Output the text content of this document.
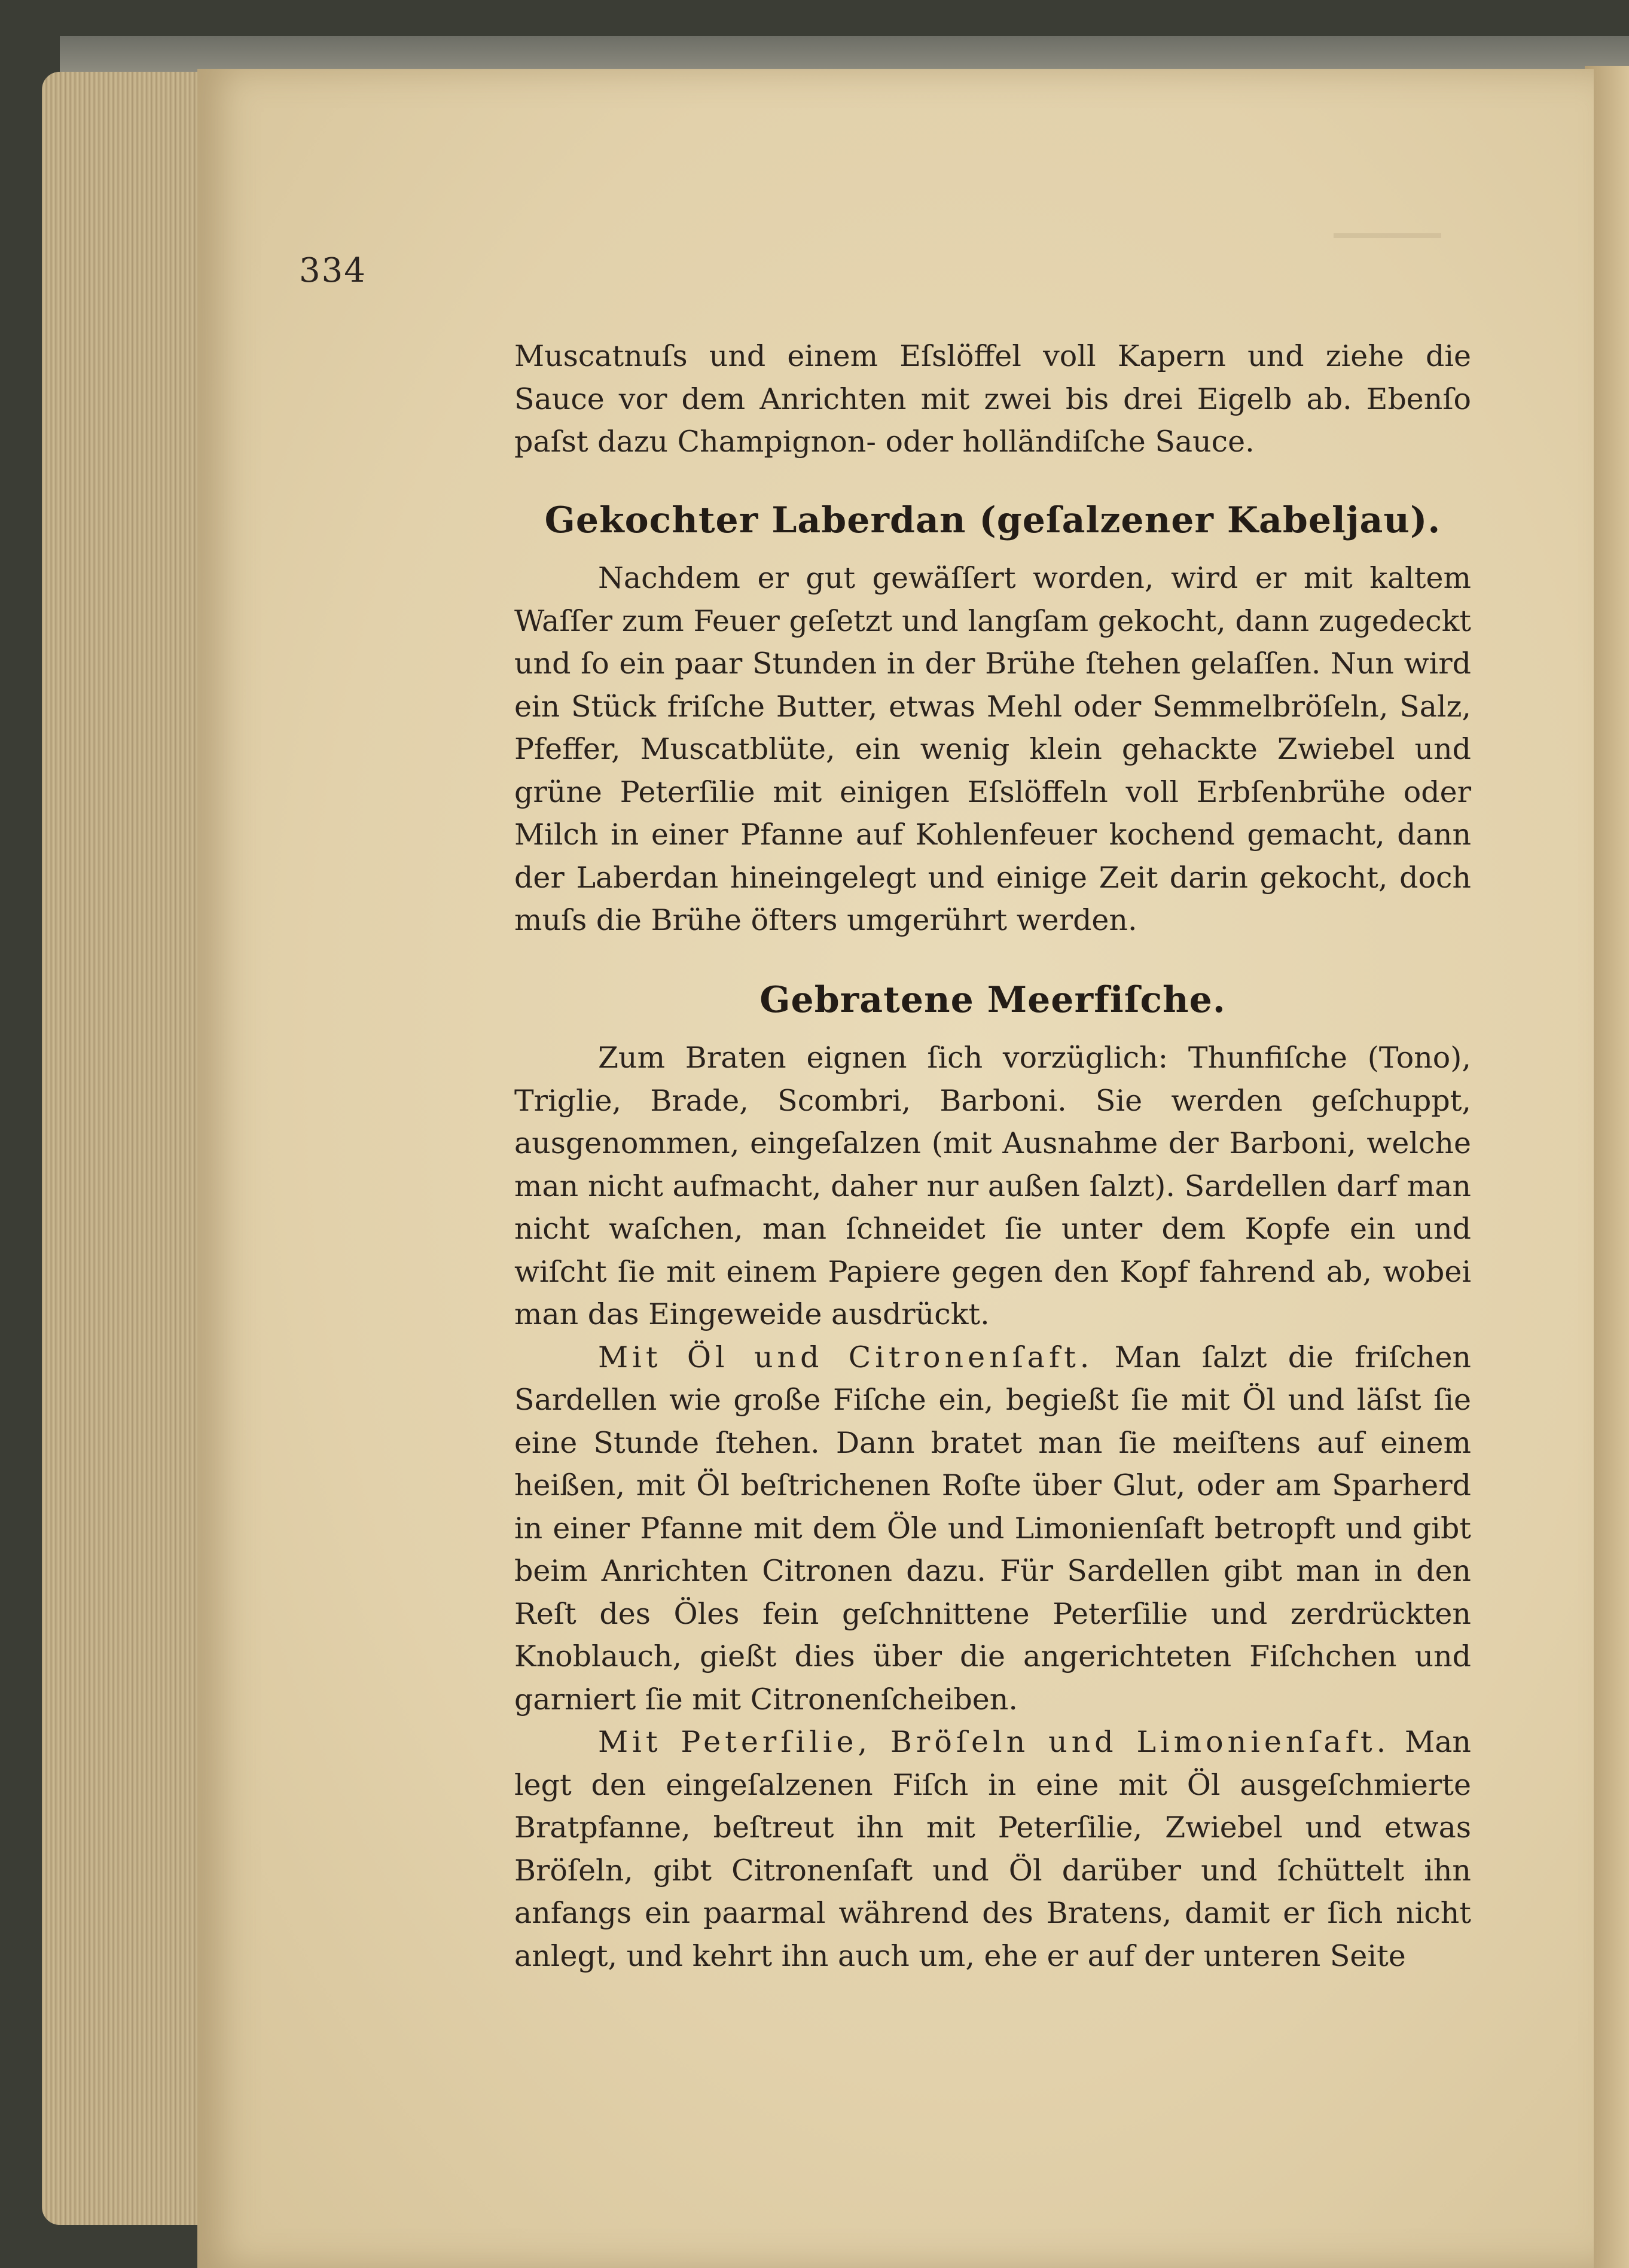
334

Muscatnuſs und einem Eſslöffel voll Kapern und ziehe die Sauce vor dem Anrichten mit zwei bis drei Eigelb ab. Ebenſo paſst dazu Champignon- oder holländiſche Sauce.

Gekochter Laberdan (geſalzener Kabeljau).

Nachdem er gut gewäſſert worden, wird er mit kaltem Waſſer zum Feuer geſetzt und langſam gekocht, dann zugedeckt und ſo ein paar Stunden in der Brühe ſtehen gelaſſen. Nun wird ein Stück friſche Butter, etwas Mehl oder Semmelbröſeln, Salz, Pfeffer, Muscatblüte, ein wenig klein gehackte Zwiebel und grüne Peterſilie mit einigen Eſslöffeln voll Erbſenbrühe oder Milch in einer Pfanne auf Kohlenfeuer kochend gemacht, dann der Laberdan hineingelegt und einige Zeit darin gekocht, doch muſs die Brühe öfters umgerührt werden.

Gebratene Meerfiſche.

Zum Braten eignen ſich vorzüglich: Thunfiſche (Tono), Triglie, Brade, Scombri, Barboni. Sie werden geſchuppt, ausgenommen, eingeſalzen (mit Ausnahme der Barboni, welche man nicht aufmacht, daher nur außen ſalzt). Sardellen darf man nicht waſchen, man ſchneidet ſie unter dem Kopfe ein und wiſcht ſie mit einem Papiere gegen den Kopf fahrend ab, wobei man das Eingeweide ausdrückt.

Mit Öl und Citronenſaft. Man ſalzt die friſchen Sardellen wie große Fiſche ein, begießt ſie mit Öl und läſst ſie eine Stunde ſtehen. Dann bratet man ſie meiſtens auf einem heißen, mit Öl beſtrichenen Roſte über Glut, oder am Sparherd in einer Pfanne mit dem Öle und Limonienſaft betropft und gibt beim Anrichten Citronen dazu. Für Sardellen gibt man in den Reſt des Öles fein geſchnittene Peterſilie und zerdrückten Knoblauch, gießt dies über die angerichteten Fiſchchen und garniert ſie mit Citronenſcheiben.

Mit Peterſilie, Bröſeln und Limonienſaft. Man legt den eingeſalzenen Fiſch in eine mit Öl ausgeſchmierte Bratpfanne, beſtreut ihn mit Peterſilie, Zwiebel und etwas Bröſeln, gibt Citronenſaft und Öl darüber und ſchüttelt ihn anfangs ein paarmal während des Bratens, damit er ſich nicht anlegt, und kehrt ihn auch um, ehe er auf der unteren Seite
